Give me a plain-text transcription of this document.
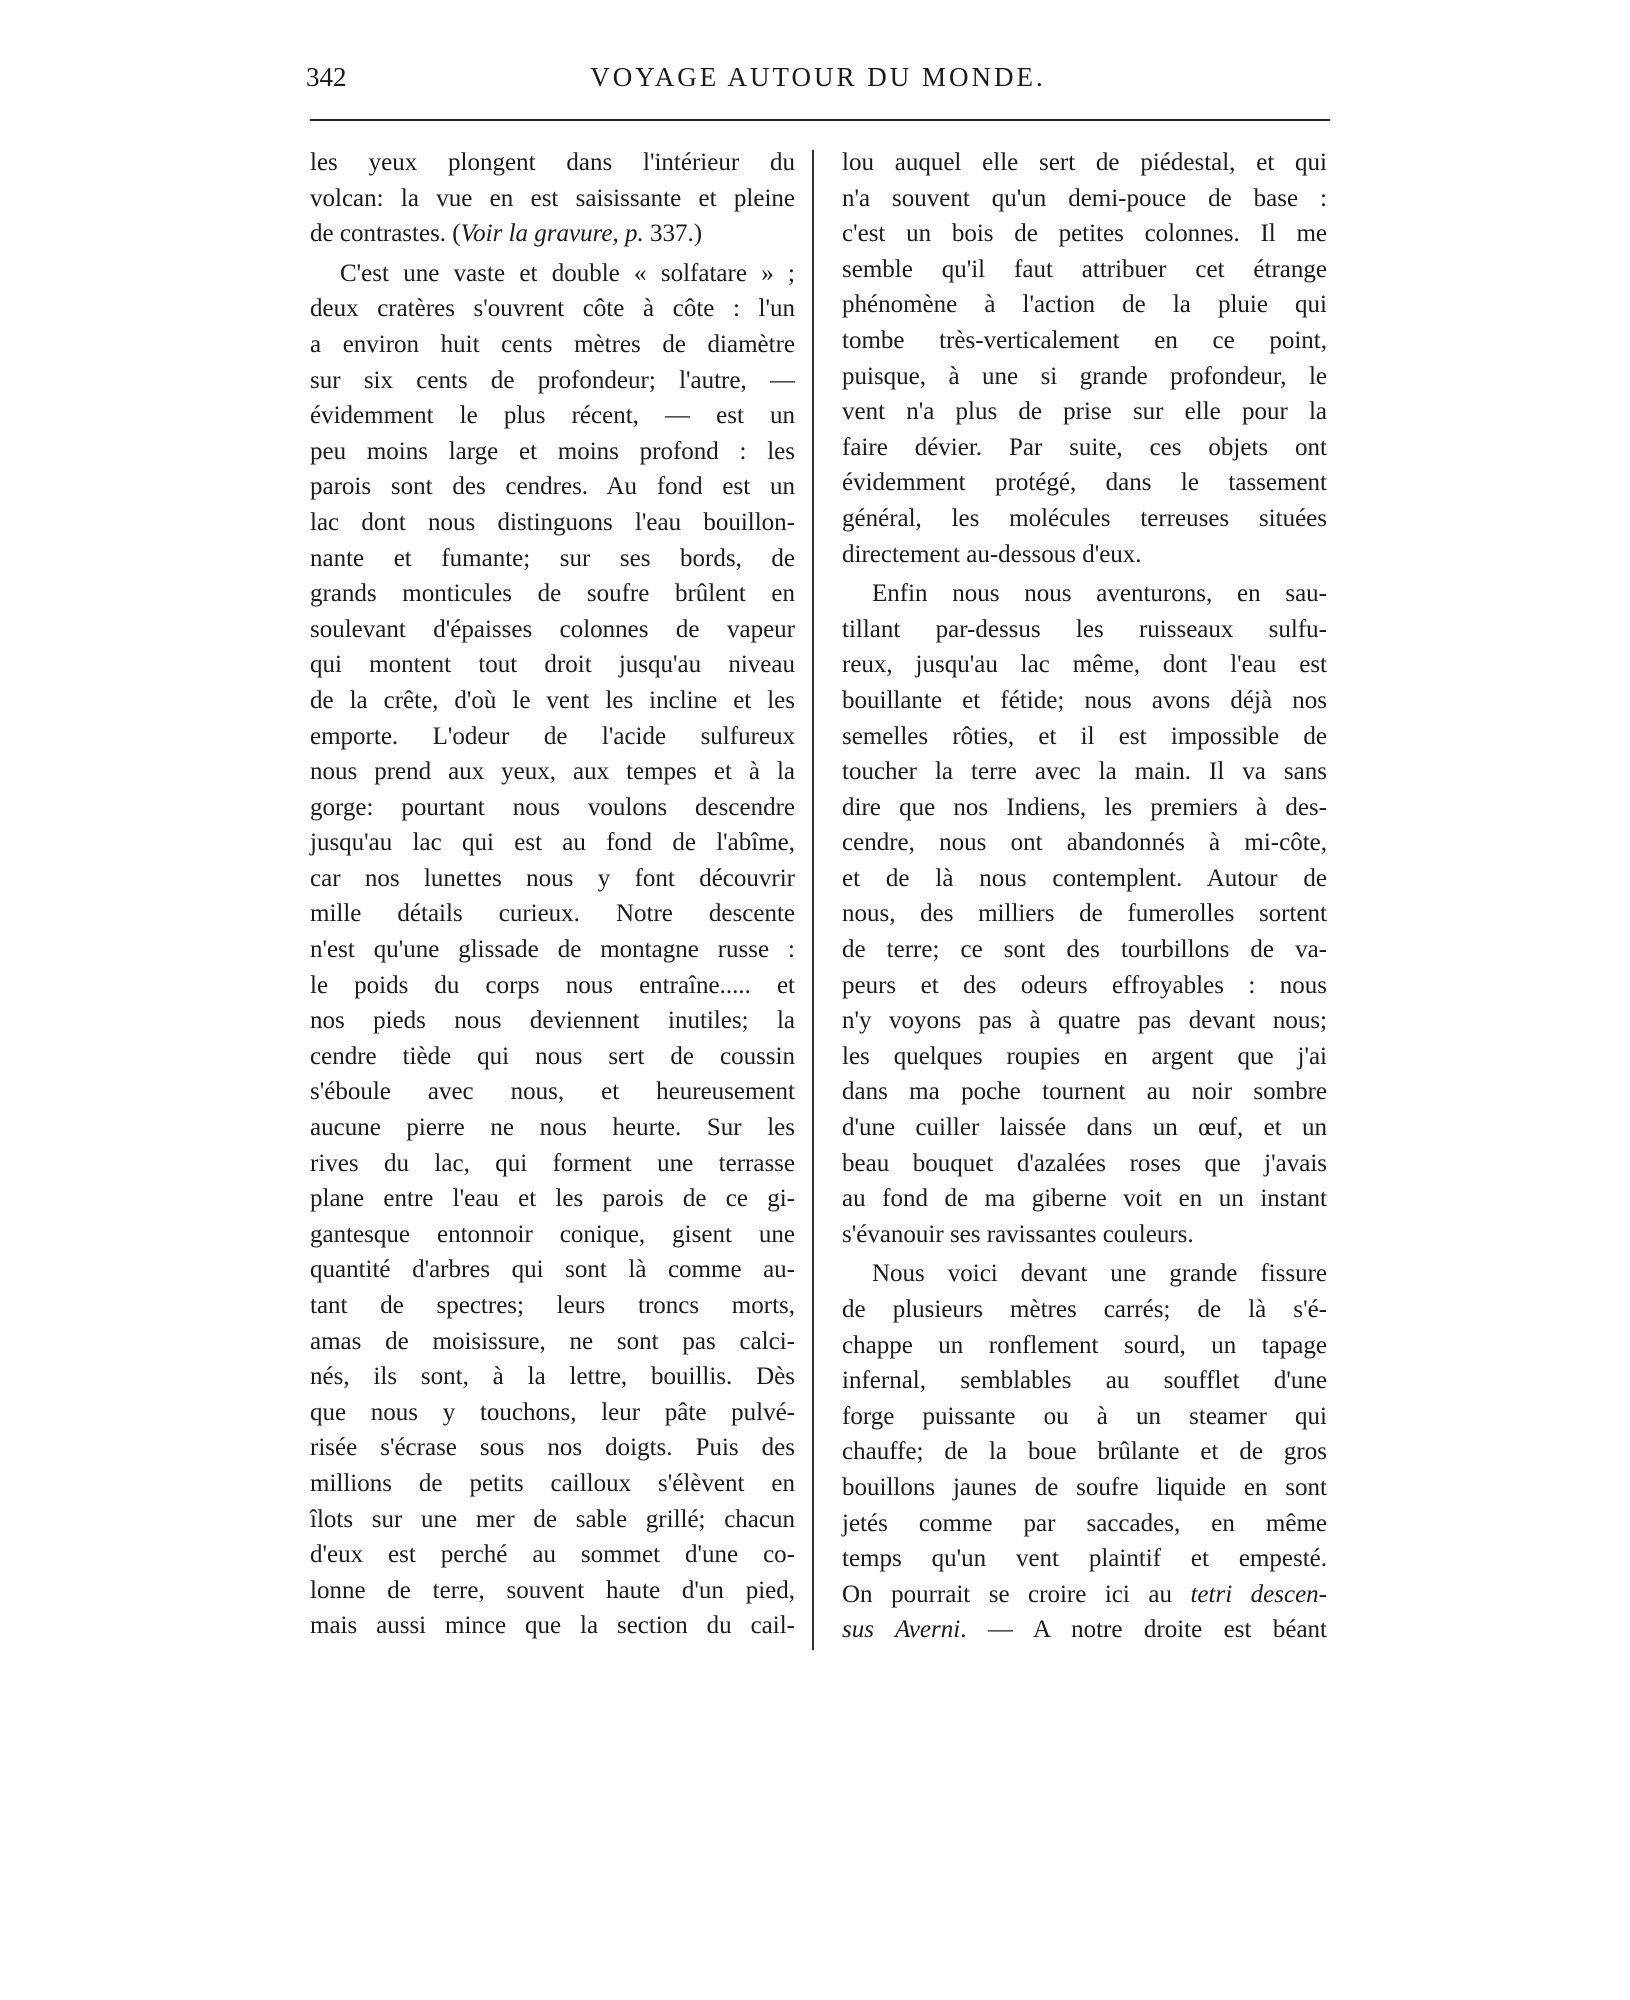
342	VOYAGE AUTOUR DU MONDE.
les yeux plongent dans l'intérieur du
volcan: la vue en est saisissante et pleine
de contrastes. (Voir la gravure, p. 337.)
C'est une vaste et double « solfatare » ;
deux cratères s'ouvrent côte à côte : l'un
a environ huit cents mètres de diamètre
sur six cents de profondeur; l'autre, —
évidemment le plus récent, — est un
peu moins large et moins profond : les
parois sont des cendres. Au fond est un
lac dont nous distinguons l'eau bouillon-
nante et fumante; sur ses bords, de
grands monticules de soufre brûlent en
soulevant d'épaisses colonnes de vapeur
qui montent tout droit jusqu'au niveau
de la crête, d'où le vent les incline et les
emporte. L'odeur de l'acide sulfureux
nous prend aux yeux, aux tempes et à la
gorge: pourtant nous voulons descendre
jusqu'au lac qui est au fond de l'abîme,
car nos lunettes nous y font découvrir
mille détails curieux. Notre descente
n'est qu'une glissade de montagne russe :
le poids du corps nous entraîne..... et
nos pieds nous deviennent inutiles; la
cendre tiède qui nous sert de coussin
s'éboule avec nous, et heureusement
aucune pierre ne nous heurte. Sur les
rives du lac, qui forment une terrasse
plane entre l'eau et les parois de ce gi-
gantesque entonnoir conique, gisent une
quantité d'arbres qui sont là comme au-
tant de spectres; leurs troncs morts,
amas de moisissure, ne sont pas calci-
nés, ils sont, à la lettre, bouillis. Dès
que nous y touchons, leur pâte pulvé-
risée s'écrase sous nos doigts. Puis des
millions de petits cailloux s'élèvent en
îlots sur une mer de sable grillé; chacun
d'eux est perché au sommet d'une co-
lonne de terre, souvent haute d'un pied,
mais aussi mince que la section du cail-
lou auquel elle sert de piédestal, et qui
n'a souvent qu'un demi-pouce de base :
c'est un bois de petites colonnes. Il me
semble qu'il faut attribuer cet étrange
phénomène à l'action de la pluie qui
tombe très-verticalement en ce point,
puisque, à une si grande profondeur, le
vent n'a plus de prise sur elle pour la
faire dévier. Par suite, ces objets ont
évidemment protégé, dans le tassement
général, les molécules terreuses situées
directement au-dessous d'eux.
Enfin nous nous aventurons, en sau-
tillant par-dessus les ruisseaux sulfu-
reux, jusqu'au lac même, dont l'eau est
bouillante et fétide; nous avons déjà nos
semelles rôties, et il est impossible de
toucher la terre avec la main. Il va sans
dire que nos Indiens, les premiers à des-
cendre, nous ont abandonnés à mi-côte,
et de là nous contemplent. Autour de
nous, des milliers de fumerolles sortent
de terre; ce sont des tourbillons de va-
peurs et des odeurs effroyables : nous
n'y voyons pas à quatre pas devant nous;
les quelques roupies en argent que j'ai
dans ma poche tournent au noir sombre
d'une cuiller laissée dans un œuf, et un
beau bouquet d'azalées roses que j'avais
au fond de ma giberne voit en un instant
s'évanouir ses ravissantes couleurs.
Nous voici devant une grande fissure
de plusieurs mètres carrés; de là s'é-
chappe un ronflement sourd, un tapage
infernal, semblables au soufflet d'une
forge puissante ou à un steamer qui
chauffe; de la boue brûlante et de gros
bouillons jaunes de soufre liquide en sont
jetés comme par saccades, en même
temps qu'un vent plaintif et empesté.
On pourrait se croire ici au tetri descen-
sus Averni. — A notre droite est béant
